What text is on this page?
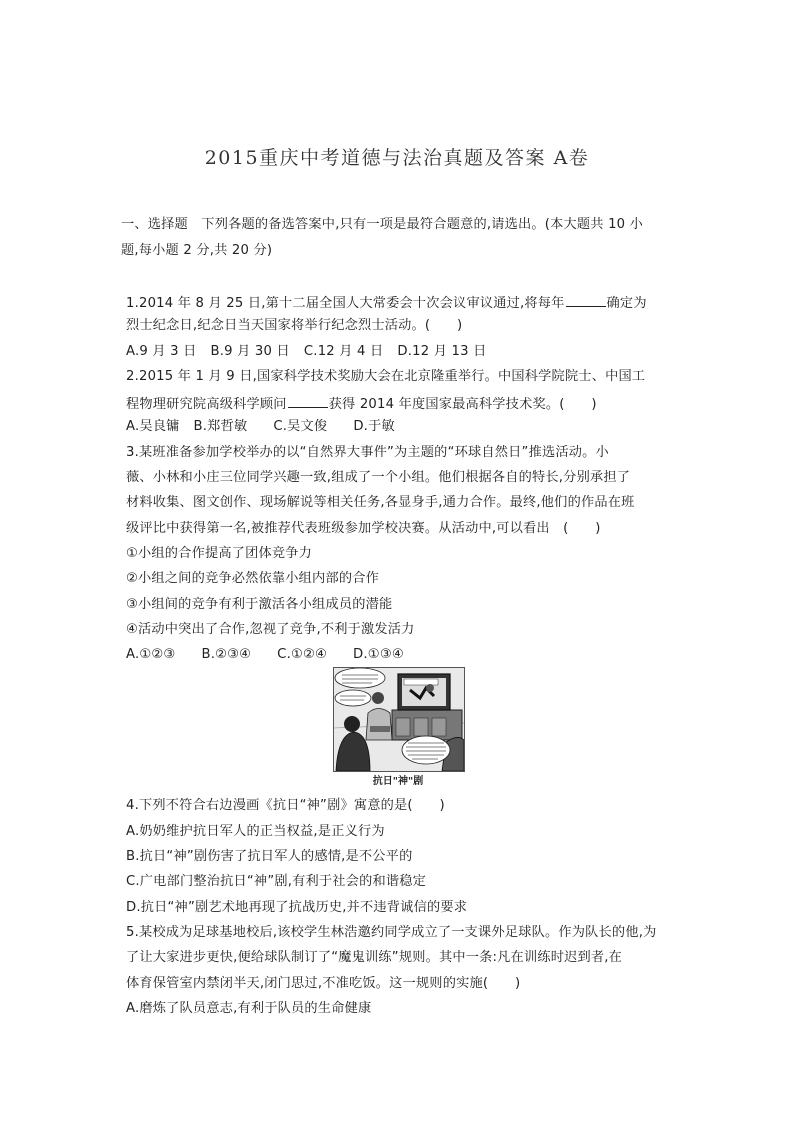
2015重庆中考道德与法治真题及答案 A卷
一、选择题　下列各题的备选答案中,只有一项是最符合题意的,请选出。(本大题共 10 小
题,每小题 2 分,共 20 分)
1.2014 年 8 月 25 日,第十二届全国人大常委会十次会议审议通过,将每年	确定为
烈士纪念日,纪念日当天国家将举行纪念烈士活动。(　　)
A.9 月 3 日 B.9 月 30 日 C.12 月 4 日 D.12 月 13 日
2.2015 年 1 月 9 日,国家科学技术奖励大会在北京隆重举行。中国科学院院士、中国工
程物理研究院高级科学顾问	获得 2014 年度国家最高科学技术奖。(　　)
A.吴良镛 B.郑哲敏 C.吴文俊 D.于敏
3.某班准备参加学校举办的以“自然界大事件”为主题的“环球自然日”推选活动。小
薇、小林和小庄三位同学兴趣一致,组成了一个小组。他们根据各自的特长,分别承担了
材料收集、图文创作、现场解说等相关任务,各显身手,通力合作。最终,他们的作品在班
级评比中获得第一名,被推荐代表班级参加学校决赛。从活动中,可以看出　(　　)
①小组的合作提高了团体竞争力
②小组之间的竞争必然依靠小组内部的合作
③小组间的竞争有利于激活各小组成员的潜能
④活动中突出了合作,忽视了竞争,不利于激发活力
A.①②③ B.②③④ C.①②④ D.①③④
抗日"神"剧
4.下列不符合右边漫画《抗日“神”剧》寓意的是(　　)
A.奶奶维护抗日军人的正当权益,是正义行为
B.抗日“神”剧伤害了抗日军人的感情,是不公平的
C.广电部门整治抗日“神”剧,有利于社会的和谐稳定
D.抗日“神”剧艺术地再现了抗战历史,并不违背诚信的要求
5.某校成为足球基地校后,该校学生林浩邀约同学成立了一支课外足球队。作为队长的他,为
了让大家进步更快,便给球队制订了“魔鬼训练”规则。其中一条:凡在训练时迟到者,在
体育保管室内禁闭半天,闭门思过,不准吃饭。这一规则的实施(　　)
A.磨炼了队员意志,有利于队员的生命健康
